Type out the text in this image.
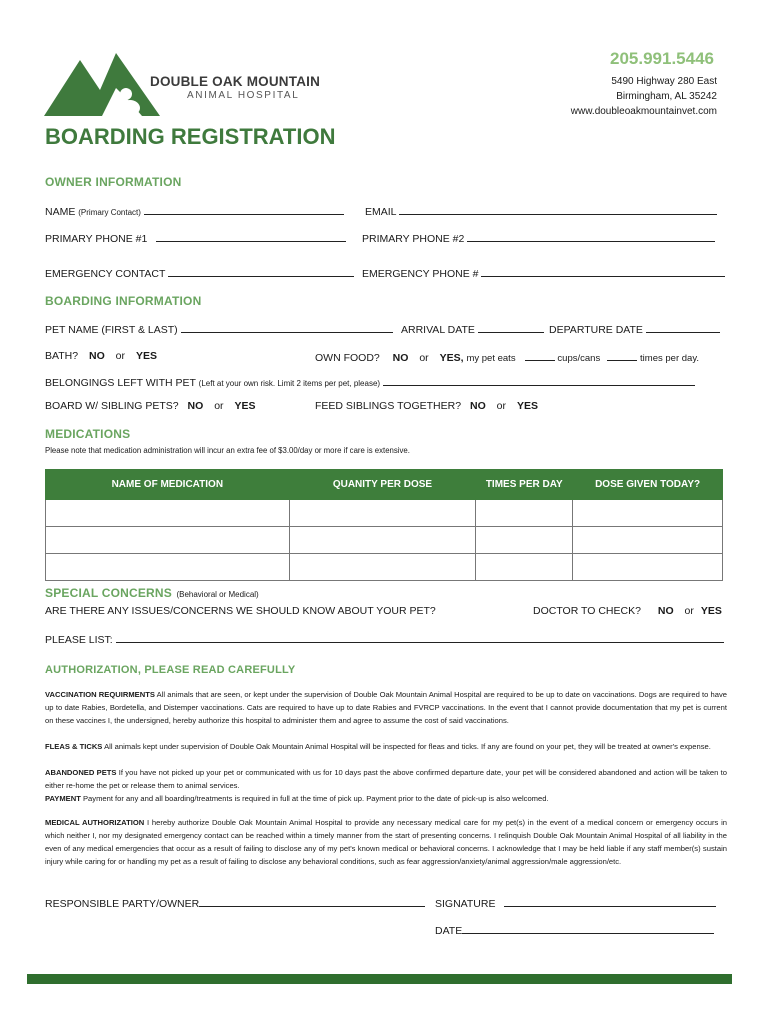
DOUBLE OAK MOUNTAIN
ANIMAL HOSPITAL
205.991.5446
5490 Highway 280 East
Birmingham, AL 35242
www.doubleoakmountainvet.com
BOARDING REGISTRATION
OWNER INFORMATION
NAME (Primary Contact)	EMAIL
PRIMARY PHONE #1	PRIMARY PHONE #2
EMERGENCY CONTACT	EMERGENCY PHONE #
BOARDING INFORMATION
PET NAME (FIRST & LAST)	ARRIVAL DATE	DEPARTURE DATE
BATH? NO or YES	OWN FOOD? NO or YES, my pet eats	cups/cans	times per day.
BELONGINGS LEFT WITH PET (Left at your own risk. Limit 2 items per pet, please)
BOARD W/ SIBLING PETS? NO or YES	FEED SIBLINGS TOGETHER? NO or YES
MEDICATIONS
Please note that medication administration will incur an extra fee of $3.00/day or more if care is extensive.
NAME OF MEDICATION	QUANITY PER DOSE	TIMES PER DAY	DOSE GIVEN TODAY?

SPECIAL CONCERNS (Behavioral or Medical)
ARE THERE ANY ISSUES/CONCERNS WE SHOULD KNOW ABOUT YOUR PET?	DOCTOR TO CHECK? NO or YES
PLEASE LIST:
AUTHORIZATION, PLEASE READ CAREFULLY
VACCINATION REQUIRMENTS All animals that are seen, or kept under the supervision of Double Oak Mountain Animal Hospital are required to be up to date on vaccinations. Dogs are required to have up to date Rabies, Bordetella, and Distemper vaccinations. Cats are required to have up to date Rabies and FVRCP vaccinations. In the event that I cannot provide documentation that my pet is current on these vaccines I, the undersigned, hereby authorize this hospital to administer them and agree to assume the cost of said vaccinations.
FLEAS & TICKS All animals kept under supervision of Double Oak Mountain Animal Hospital will be inspected for fleas and ticks. If any are found on your pet, they will be treated at owner's expense.
ABANDONED PETS If you have not picked up your pet or communicated with us for 10 days past the above confirmed departure date, your pet will be considered abandoned and action will be taken to either re-home the pet or release them to animal services.
PAYMENT Payment for any and all boarding/treatments is required in full at the time of pick up. Payment prior to the date of pick-up is also welcomed.
MEDICAL AUTHORIZATION I hereby authorize Double Oak Mountain Animal Hospital to provide any necessary medical care for my pet(s) in the event of a medical concern or emergency occurs in which neither I, nor my designated emergency contact can be reached within a timely manner from the start of presenting concerns. I relinquish Double Oak Mountain Animal Hospital of all liability in the even of any medical emergencies that occur as a result of failing to disclose any of my pet's known medical or behavioral concerns. I acknowledge that I may be held liable if any staff member(s) sustain injury while caring for or handling my pet as a result of failing to disclose any behavioral conditions, such as fear aggression/anxiety/animal aggression/male aggression/etc.
RESPONSIBLE PARTY/OWNER	SIGNATURE
DATE
